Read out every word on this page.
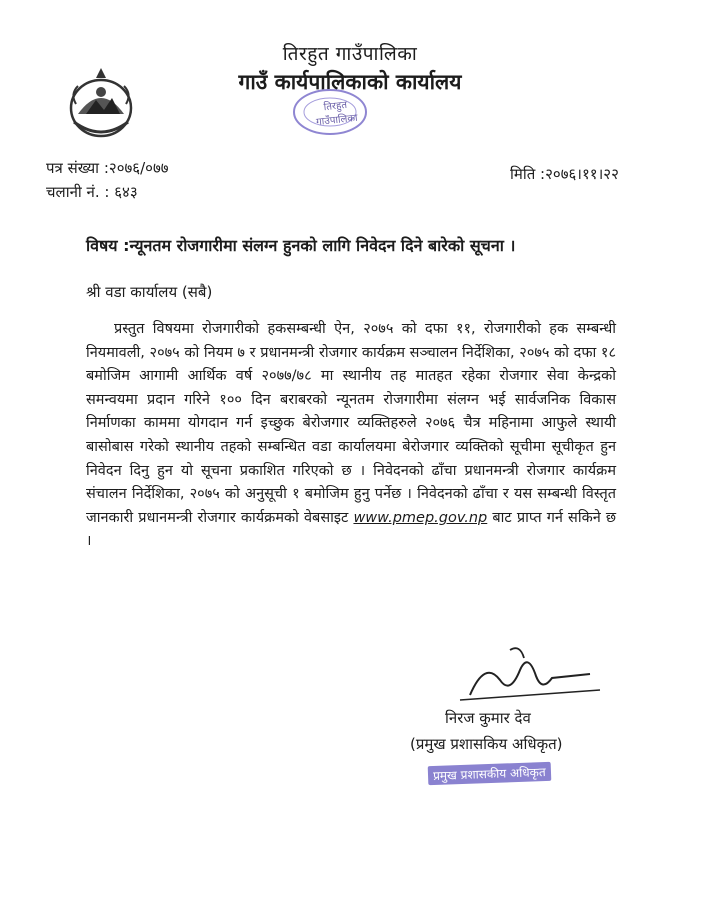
तिरहुत गाउँपालिका
गाउँ कार्यपालिकाको कार्यालय
तिरहुत गाउँपालिका
पत्र संख्या :२०७६/०७७
चलानी नं. : ६४३
मिति :२०७६।११।२२
विषय :न्यूनतम रोजगारीमा संलग्न हुनको लागि निवेदन दिने बारेको सूचना ।
श्री वडा कार्यालय (सबै)
प्रस्तुत विषयमा रोजगारीको हकसम्बन्धी ऐन, २०७५ को दफा ११, रोजगारीको हक सम्बन्धी नियमावली, २०७५ को नियम ७ र प्रधानमन्त्री रोजगार कार्यक्रम सञ्चालन निर्देशिका, २०७५ को दफा १८ बमोजिम आगामी आर्थिक वर्ष २०७७/७८ मा स्थानीय तह मातहत रहेका रोजगार सेवा केन्द्रको समन्वयमा प्रदान गरिने १०० दिन बराबरको न्यूनतम रोजगारीमा संलग्न भई सार्वजनिक विकास निर्माणका काममा योगदान गर्न इच्छुक बेरोजगार व्यक्तिहरुले २०७६ चैत्र महिनामा आफुले स्थायी बासोबास गरेको स्थानीय तहको सम्बन्धित वडा कार्यालयमा बेरोजगार व्यक्तिको सूचीमा सूचीकृत हुन निवेदन दिनु हुन यो सूचना प्रकाशित गरिएको छ । निवेदनको ढाँचा प्रधानमन्त्री रोजगार कार्यक्रम संचालन निर्देशिका, २०७५ को अनुसूची १ बमोजिम हुनु पर्नेछ । निवेदनको ढाँचा र यस सम्बन्धी विस्तृत जानकारी प्रधानमन्त्री रोजगार कार्यक्रमको वेबसाइट www.pmep.gov.np बाट प्राप्त गर्न सकिने छ ।
निरज कुमार देव
(प्रमुख प्रशासकिय अधिकृत)
प्रमुख प्रशासकीय अधिकृत
